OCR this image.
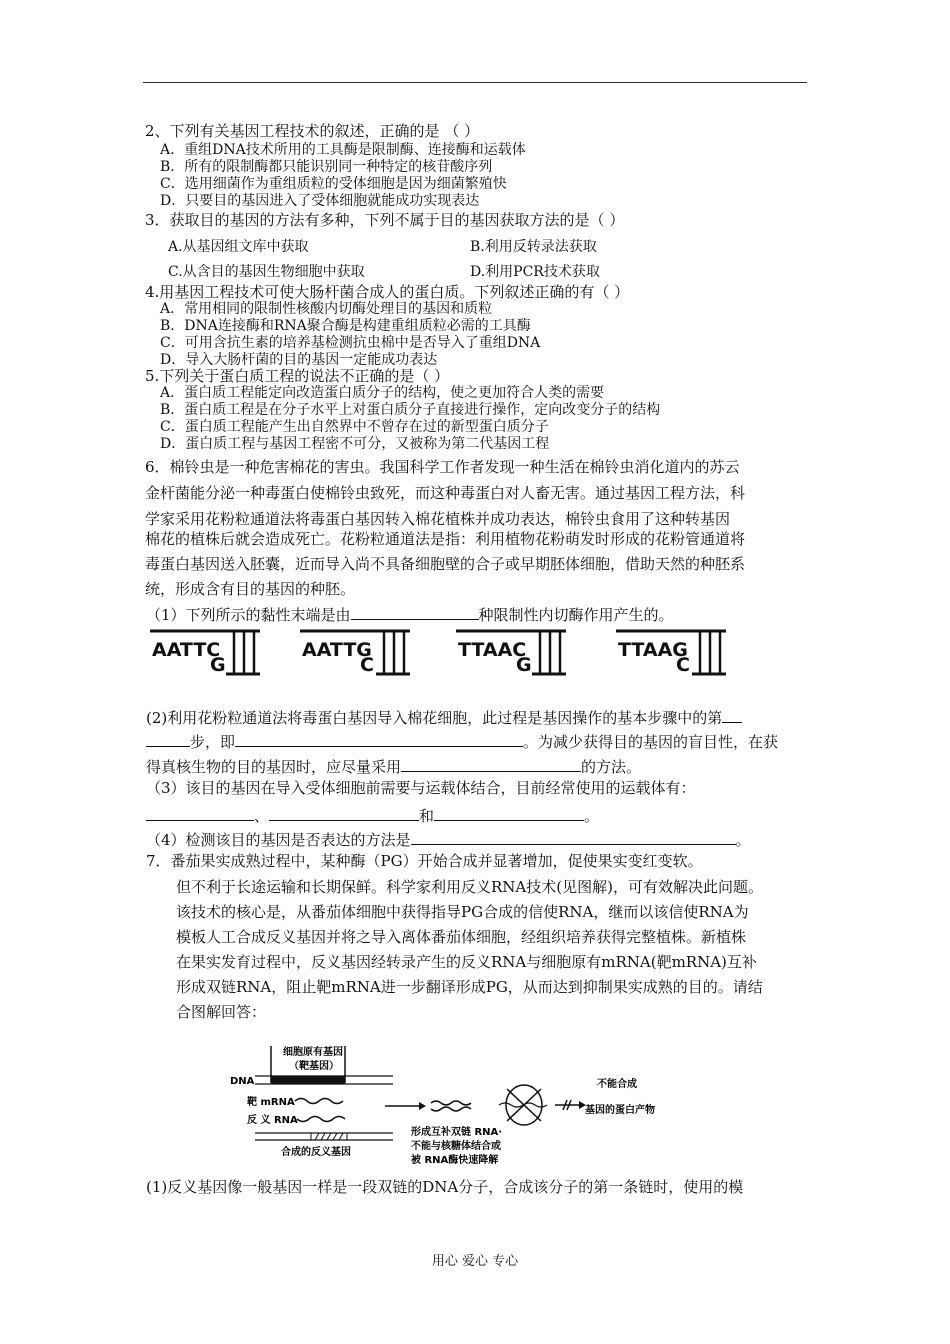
2、下列有关基因工程技术的叙述，正确的是 （ ）
A．重组DNA技术所用的工具酶是限制酶、连接酶和运载体
B．所有的限制酶都只能识别同一种特定的核苷酸序列
C．选用细菌作为重组质粒的受体细胞是因为细菌繁殖快
D．只要目的基因进入了受体细胞就能成功实现表达
3．获取目的基因的方法有多种，下列不属于目的基因获取方法的是（ ）
A.从基因组文库中获取	B.利用反转录法获取
C.从含目的基因生物细胞中获取	D.利用PCR技术获取
4.用基因工程技术可使大肠杆菌合成人的蛋白质。下列叙述正确的有（ ）
A．常用相同的限制性核酸内切酶处理目的基因和质粒
B．DNA连接酶和RNA聚合酶是构建重组质粒必需的工具酶
C．可用含抗生素的培养基检测抗虫棉中是否导入了重组DNA
D．导入大肠杆菌的目的基因一定能成功表达
5.下列关于蛋白质工程的说法不正确的是（ ）
A．蛋白质工程能定向改造蛋白质分子的结构，使之更加符合人类的需要
B．蛋白质工程是在分子水平上对蛋白质分子直接进行操作，定向改变分子的结构
C．蛋白质工程能产生出自然界中不曾存在过的新型蛋白质分子
D．蛋白质工程与基因工程密不可分，又被称为第二代基因工程
6．棉铃虫是一种危害棉花的害虫。我国科学工作者发现一种生活在棉铃虫消化道内的苏云
金杆菌能分泌一种毒蛋白使棉铃虫致死，而这种毒蛋白对人畜无害。通过基因工程方法，科
学家采用花粉粒通道法将毒蛋白基因转入棉花植株并成功表达，棉铃虫食用了这种转基因
棉花的植株后就会造成死亡。花粉粒通道法是指：利用植物花粉萌发时形成的花粉管通道将
毒蛋白基因送入胚囊，近而导入尚不具备细胞壁的合子或早期胚体细胞，借助天然的种胚系
统，形成含有目的基因的种胚。
（1）下列所示的黏性末端是由	种限制性内切酶作用产生的。
AATTC
G
AATTG
C
TTAAC
G
TTAAG
C
(2)利用花粉粒通道法将毒蛋白基因导入棉花细胞，此过程是基因操作的基本步骤中的第
步，即	。为减少获得目的基因的盲目性，在获
得真核生物的目的基因时，应尽量采用	的方法。
（3）该目的基因在导入受体细胞前需要与运载体结合，目前经常使用的运载体有：
、	和	。
（4）检测该目的基因是否表达的方法是	。
7．番茄果实成熟过程中，某种酶（PG）开始合成并显著增加，促使果实变红变软。
但不利于长途运输和长期保鲜。科学家利用反义RNA技术(见图解)，可有效解决此问题。
该技术的核心是，从番茄体细胞中获得指导PG合成的信使RNA，继而以该信使RNA为
模板人工合成反义基因并将之导入离体番茄体细胞，经组织培养获得完整植株。新植株
在果实发育过程中，反义基因经转录产生的反义RNA与细胞原有mRNA(靶mRNA)互补
形成双链RNA，阻止靶mRNA进一步翻译形成PG，从而达到抑制果实成熟的目的。请结
合图解回答：
细胞原有基因
（靶基因）
DNA
靶 mRNA
反 义 RNA
合成的反义基因
形成互补双链 RNA·
不能与核糖体结合或
被 RNA酶快速降解
不能合成
基因的蛋白产物
(1)反义基因像一般基因一样是一段双链的DNA分子，合成该分子的第一条链时，使用的模
用心 爱心 专心
